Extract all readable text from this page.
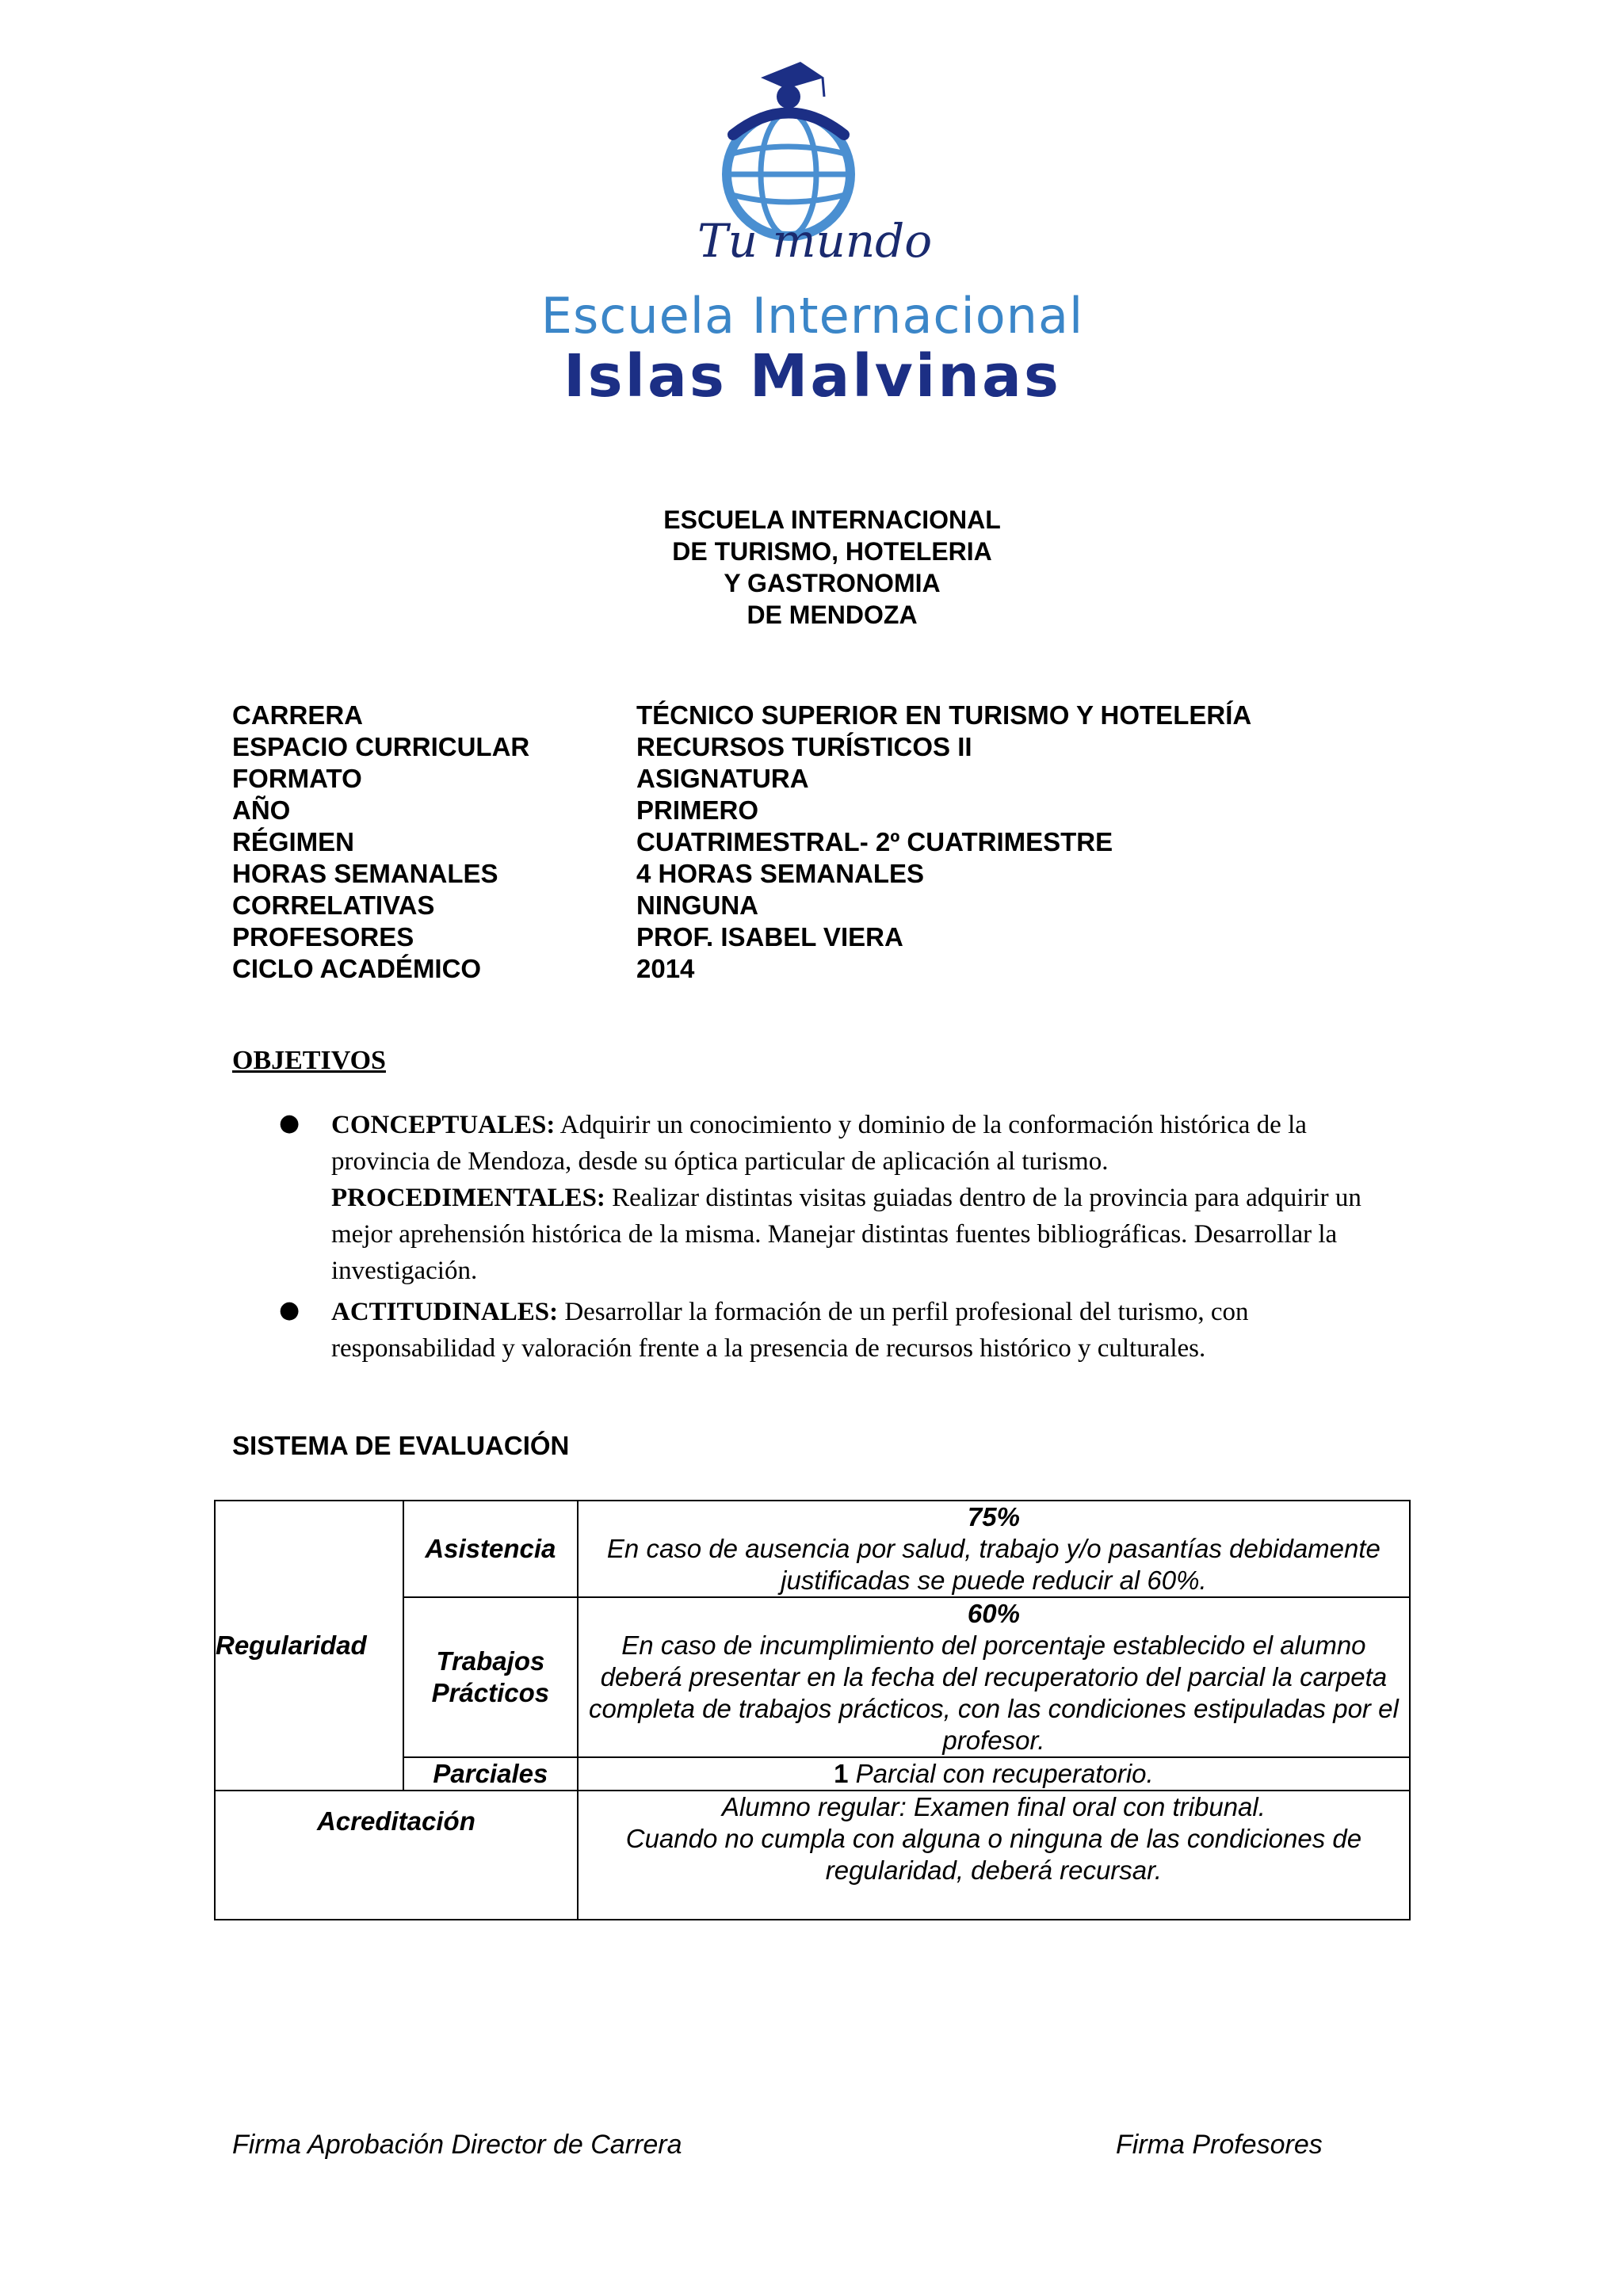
Tu mundo
Escuela Internacional
Islas Malvinas
ESCUELA INTERNACIONAL
DE TURISMO, HOTELERIA
Y GASTRONOMIA
DE MENDOZA
CARRERA	TÉCNICO SUPERIOR EN TURISMO Y HOTELERÍA
ESPACIO CURRICULAR	RECURSOS TURÍSTICOS II
FORMATO	ASIGNATURA
AÑO	PRIMERO
RÉGIMEN	CUATRIMESTRAL- 2º CUATRIMESTRE
HORAS SEMANALES	4 HORAS SEMANALES
CORRELATIVAS	NINGUNA
PROFESORES	PROF. ISABEL VIERA
CICLO ACADÉMICO	2014
OBJETIVOS
● CONCEPTUALES: Adquirir un conocimiento y dominio de la conformación histórica de la provincia de Mendoza, desde su óptica particular de aplicación al turismo.
PROCEDIMENTALES: Realizar distintas visitas guiadas dentro de la provincia para adquirir un mejor aprehensión histórica de la misma. Manejar distintas fuentes bibliográficas. Desarrollar la investigación.
● ACTITUDINALES: Desarrollar la formación de un perfil profesional del turismo, con responsabilidad y valoración frente a la presencia de recursos histórico y culturales.
SISTEMA DE EVALUACIÓN
Regularidad	Asistencia	75%
En caso de ausencia por salud, trabajo y/o pasantías debidamente justificadas se puede reducir al 60%.

	Trabajos Prácticos	60%
En caso de incumplimiento del porcentaje establecido el alumno deberá presentar en la fecha del recuperatorio del parcial la carpeta completa de trabajos prácticos, con las condiciones estipuladas por el profesor.

	Parciales	1 Parcial con recuperatorio.
Acreditación		Alumno regular: Examen final oral con tribunal.
Cuando no cumpla con alguna o ninguna de las condiciones de regularidad, deberá recursar.
Firma Aprobación Director de Carrera	Firma Profesores
